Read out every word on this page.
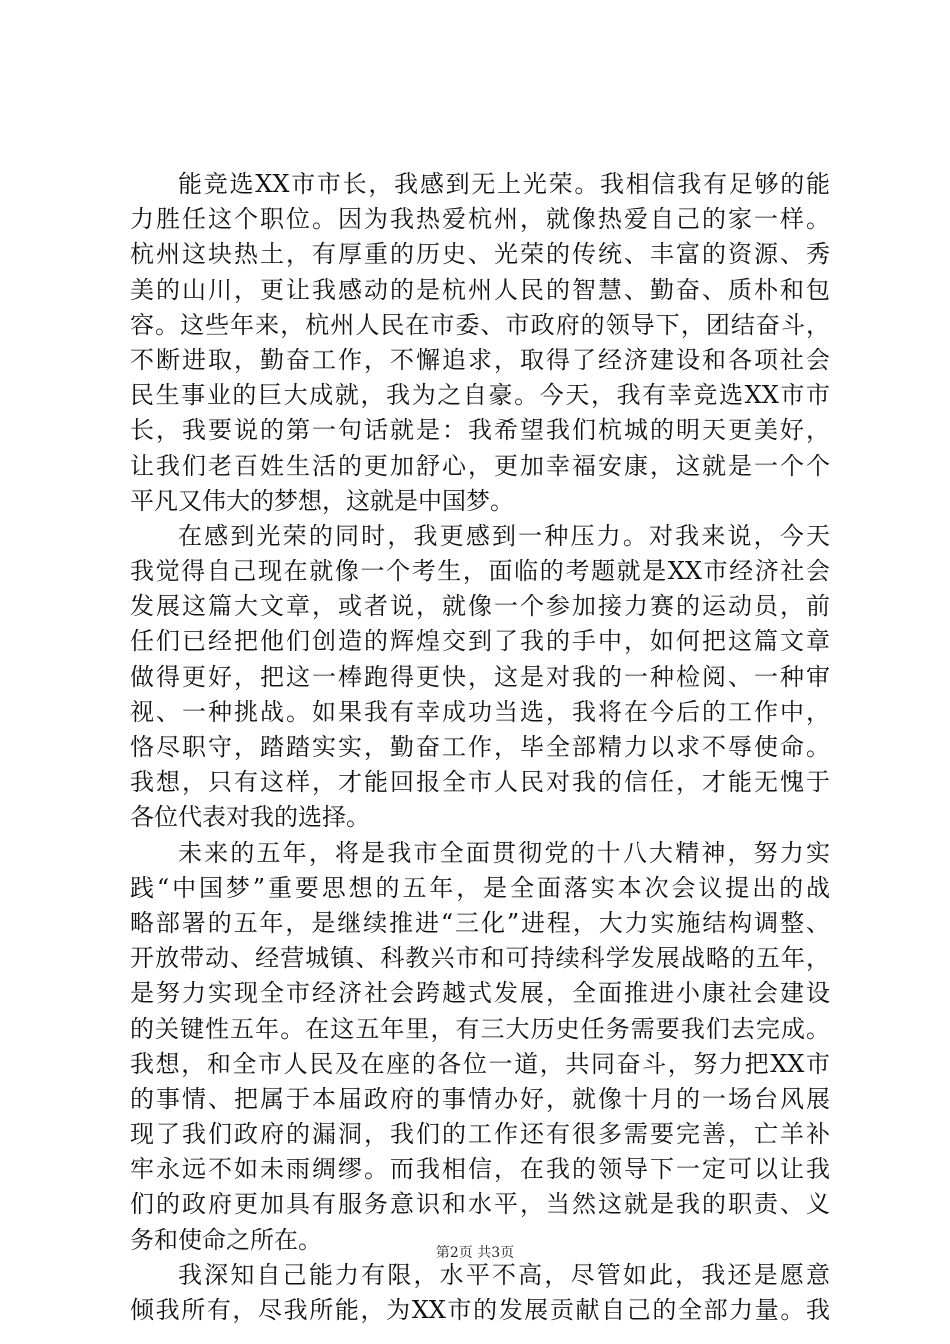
能竞选XX市市长，我感到无上光荣。我相信我有足够的能
力胜任这个职位。因为我热爱杭州，就像热爱自己的家一样。
杭州这块热土，有厚重的历史、光荣的传统、丰富的资源、秀
美的山川，更让我感动的是杭州人民的智慧、勤奋、质朴和包
容。这些年来，杭州人民在市委、市政府的领导下，团结奋斗，
不断进取，勤奋工作，不懈追求，取得了经济建设和各项社会
民生事业的巨大成就，我为之自豪。今天，我有幸竞选XX市市
长，我要说的第一句话就是：我希望我们杭城的明天更美好，
让我们老百姓生活的更加舒心，更加幸福安康，这就是一个个
平凡又伟大的梦想，这就是中国梦。
在感到光荣的同时，我更感到一种压力。对我来说，今天
我觉得自己现在就像一个考生，面临的考题就是XX市经济社会
发展这篇大文章，或者说，就像一个参加接力赛的运动员，前
任们已经把他们创造的辉煌交到了我的手中，如何把这篇文章
做得更好，把这一棒跑得更快，这是对我的一种检阅、一种审
视、一种挑战。如果我有幸成功当选，我将在今后的工作中，
恪尽职守，踏踏实实，勤奋工作，毕全部精力以求不辱使命。
我想，只有这样，才能回报全市人民对我的信任，才能无愧于
各位代表对我的选择。
未来的五年，将是我市全面贯彻党的十八大精神，努力实
践“中国梦”重要思想的五年，是全面落实本次会议提出的战
略部署的五年，是继续推进“三化”进程，大力实施结构调整、
开放带动、经营城镇、科教兴市和可持续科学发展战略的五年，
是努力实现全市经济社会跨越式发展，全面推进小康社会建设
的关键性五年。在这五年里，有三大历史任务需要我们去完成。
我想，和全市人民及在座的各位一道，共同奋斗，努力把XX市
的事情、把属于本届政府的事情办好，就像十月的一场台风展
现了我们政府的漏洞，我们的工作还有很多需要完善，亡羊补
牢永远不如未雨绸缪。而我相信，在我的领导下一定可以让我
们的政府更加具有服务意识和水平，当然这就是我的职责、义
务和使命之所在。
我深知自己能力有限，水平不高，尽管如此，我还是愿意
倾我所有，尽我所能，为XX市的发展贡献自己的全部力量。我
第2页 共3页
